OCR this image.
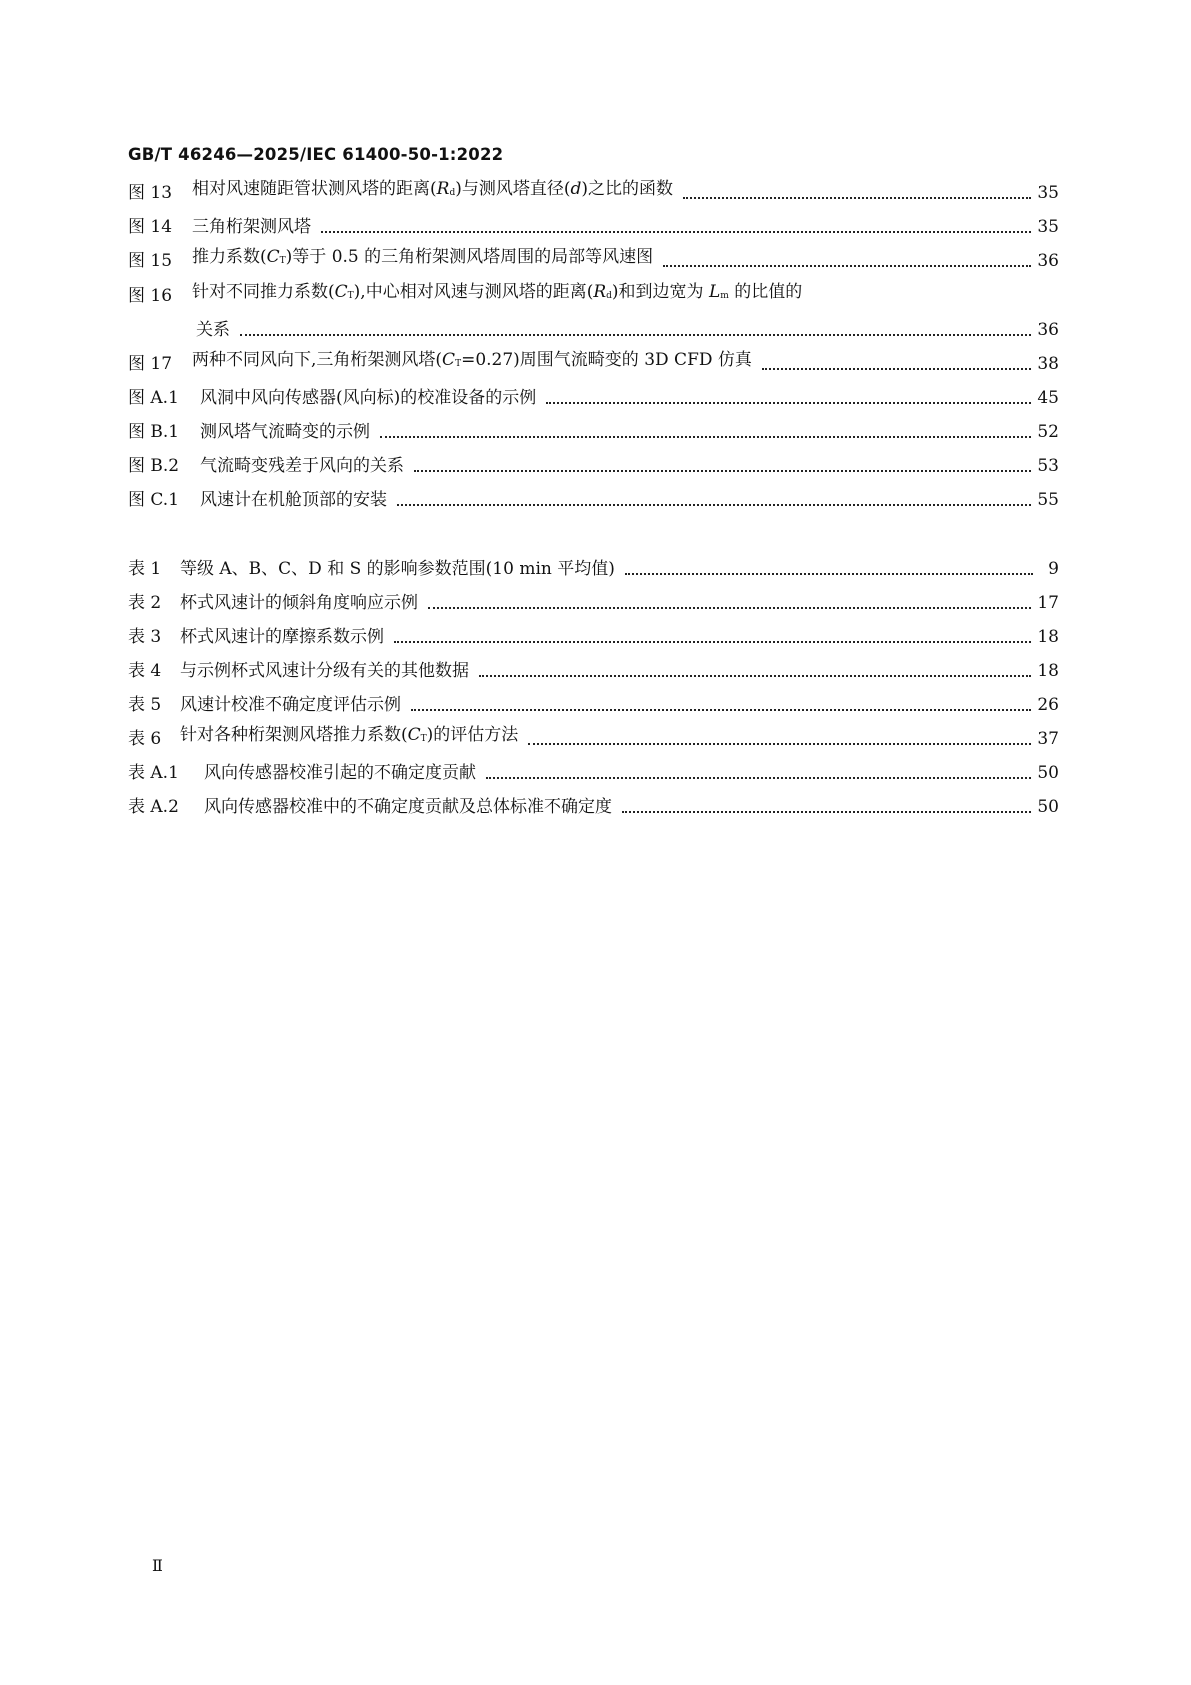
GB/T 46246—2025/IEC 61400-50-1:2022
图 13	相对风速随距管状测风塔的距离$(R_d)$与测风塔直径(d)之比的函数	35
图 14	三角桁架测风塔	35
图 15	推力系数$(C_T)$等于 0.5 的三角桁架测风塔周围的局部等风速图	36
图 16	针对不同推力系数$(C_T)$,中心相对风速与测风塔的距离$(R_d)$和到边宽为 $L_m$ 的比值的
关系	36
图 17	两种不同风向下,三角桁架测风塔$(C_T=0.27)$周围气流畸变的 3D CFD 仿真	38
图 A.1	风洞中风向传感器(风向标)的校准设备的示例	45
图 B.1	测风塔气流畸变的示例	52
图 B.2	气流畸变残差于风向的关系	53
图 C.1	风速计在机舱顶部的安装	55
表 1	等级 A、B、C、D 和 S 的影响参数范围(10 min 平均值)	9
表 2	杯式风速计的倾斜角度响应示例	17
表 3	杯式风速计的摩擦系数示例	18
表 4	与示例杯式风速计分级有关的其他数据	18
表 5	风速计校准不确定度评估示例	26
表 6	针对各种桁架测风塔推力系数$(C_T)$的评估方法	37
表 A.1	风向传感器校准引起的不确定度贡献	50
表 A.2	风向传感器校准中的不确定度贡献及总体标准不确定度	50
Ⅱ
